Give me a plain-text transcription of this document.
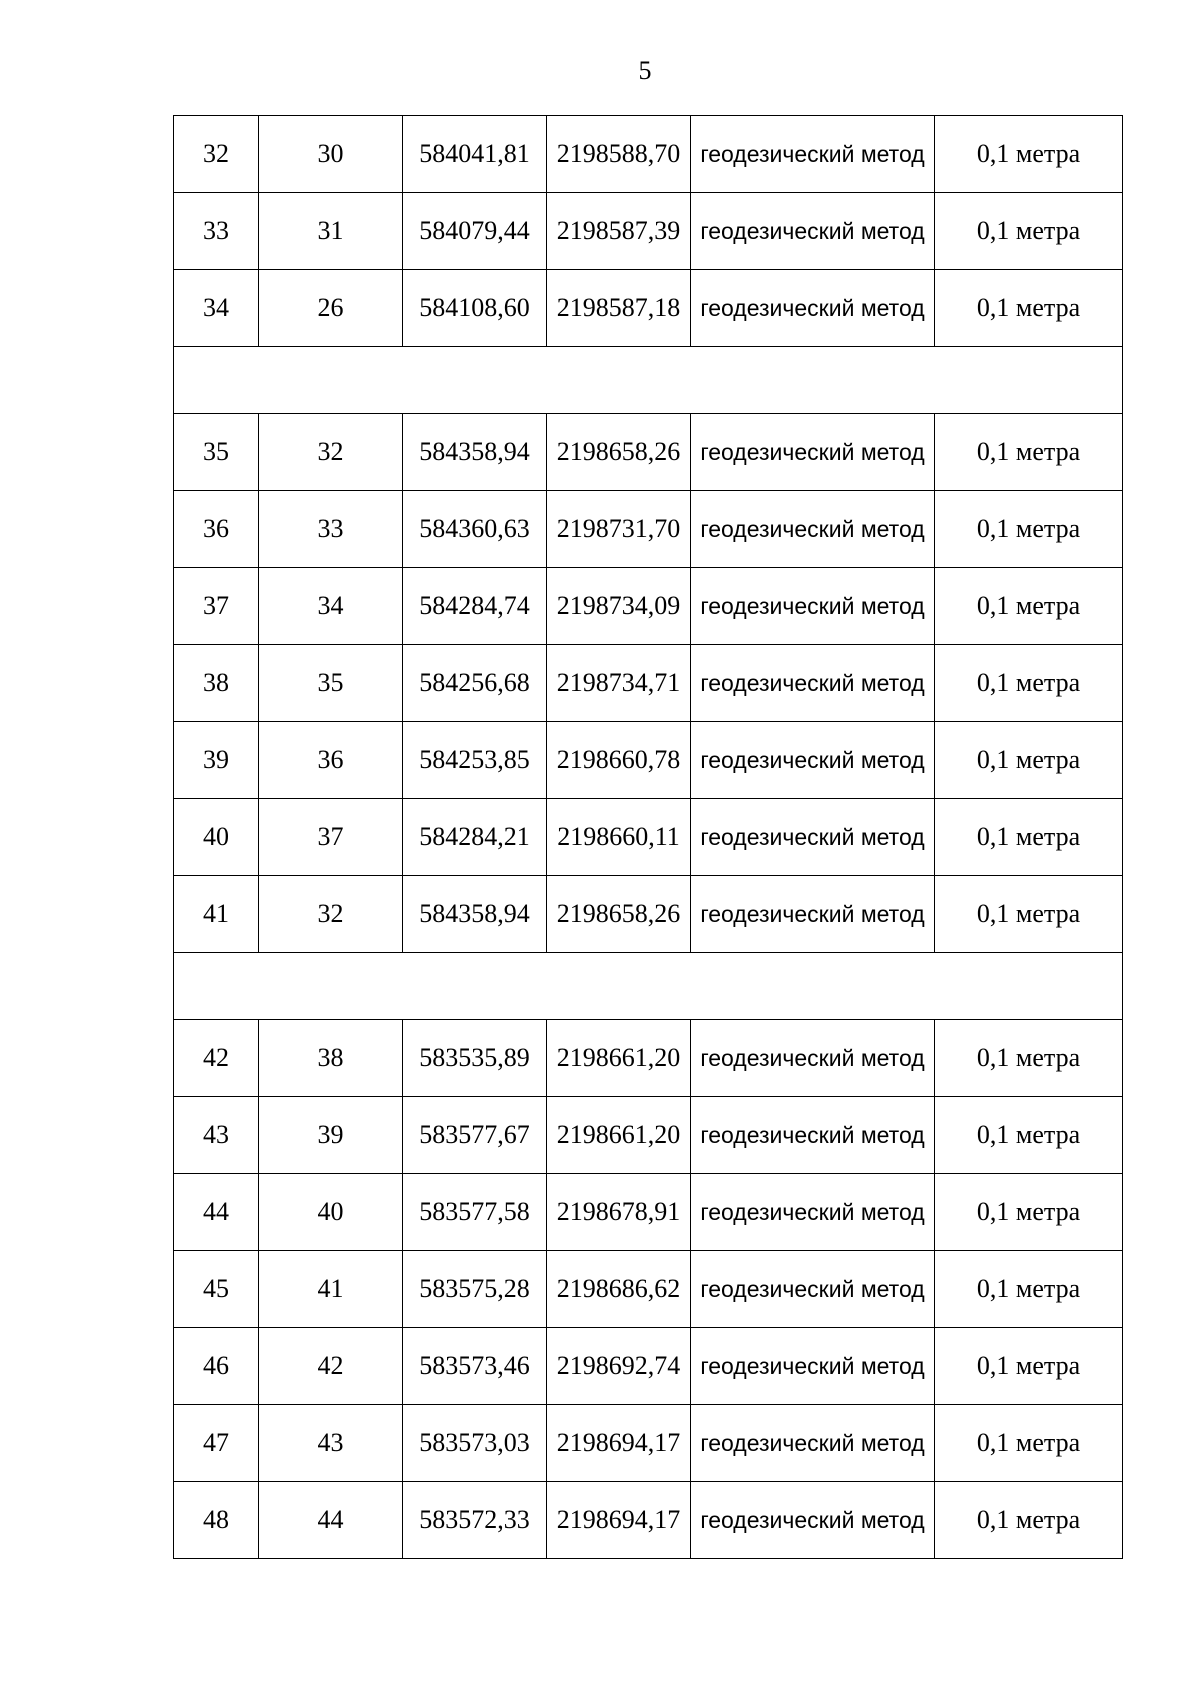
5
32	30	584041,81	2198588,70	геодезический метод	0,1 метра
33	31	584079,44	2198587,39	геодезический метод	0,1 метра
34	26	584108,60	2198587,18	геодезический метод	0,1 метра

35	32	584358,94	2198658,26	геодезический метод	0,1 метра
36	33	584360,63	2198731,70	геодезический метод	0,1 метра
37	34	584284,74	2198734,09	геодезический метод	0,1 метра
38	35	584256,68	2198734,71	геодезический метод	0,1 метра
39	36	584253,85	2198660,78	геодезический метод	0,1 метра
40	37	584284,21	2198660,11	геодезический метод	0,1 метра
41	32	584358,94	2198658,26	геодезический метод	0,1 метра

42	38	583535,89	2198661,20	геодезический метод	0,1 метра
43	39	583577,67	2198661,20	геодезический метод	0,1 метра
44	40	583577,58	2198678,91	геодезический метод	0,1 метра
45	41	583575,28	2198686,62	геодезический метод	0,1 метра
46	42	583573,46	2198692,74	геодезический метод	0,1 метра
47	43	583573,03	2198694,17	геодезический метод	0,1 метра
48	44	583572,33	2198694,17	геодезический метод	0,1 метра
